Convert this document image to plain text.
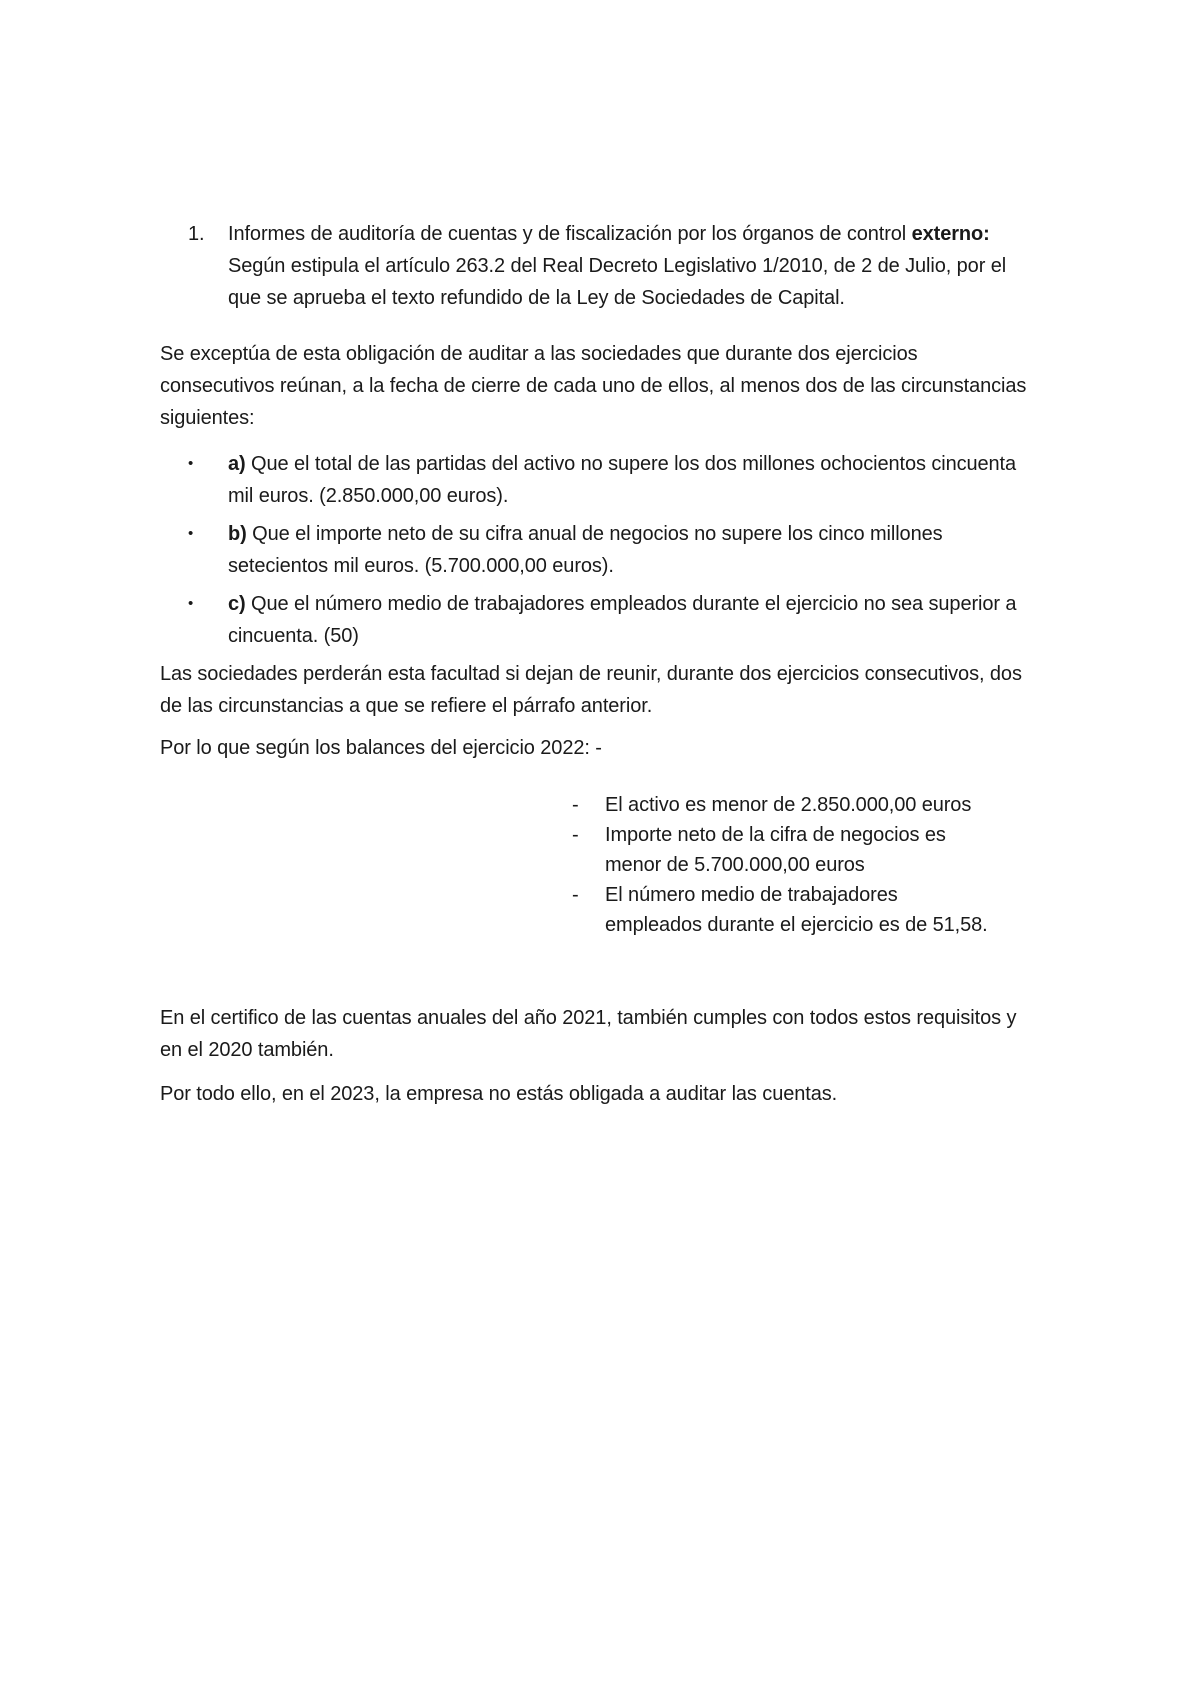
1.	Informes de auditoría de cuentas y de fiscalización por los órganos de control externo: Según estipula el artículo 263.2 del Real Decreto Legislativo 1/2010, de 2 de Julio, por el que se aprueba el texto refundido de la Ley de Sociedades de Capital.

Se exceptúa de esta obligación de auditar a las sociedades que durante dos ejercicios consecutivos reúnan, a la fecha de cierre de cada uno de ellos, al menos dos de las circunstancias siguientes:

•	a) Que el total de las partidas del activo no supere los dos millones ochocientos cincuenta mil euros. (2.850.000,00 euros).
•	b) Que el importe neto de su cifra anual de negocios no supere los cinco millones setecientos mil euros. (5.700.000,00 euros).
•	c) Que el número medio de trabajadores empleados durante el ejercicio no sea superior a cincuenta. (50)

Las sociedades perderán esta facultad si dejan de reunir, durante dos ejercicios consecutivos, dos de las circunstancias a que se refiere el párrafo anterior.

Por lo que según los balances del ejercicio 2022: -

-	El activo es menor de 2.850.000,00 euros
-	Importe neto de la cifra de negocios es menor de 5.700.000,00 euros
-	El número medio de trabajadores empleados durante el ejercicio es de 51,58.

En el certifico de las cuentas anuales del año 2021, también cumples con todos estos requisitos y en el 2020 también.

Por todo ello, en el 2023, la empresa no estás obligada a auditar las cuentas.
